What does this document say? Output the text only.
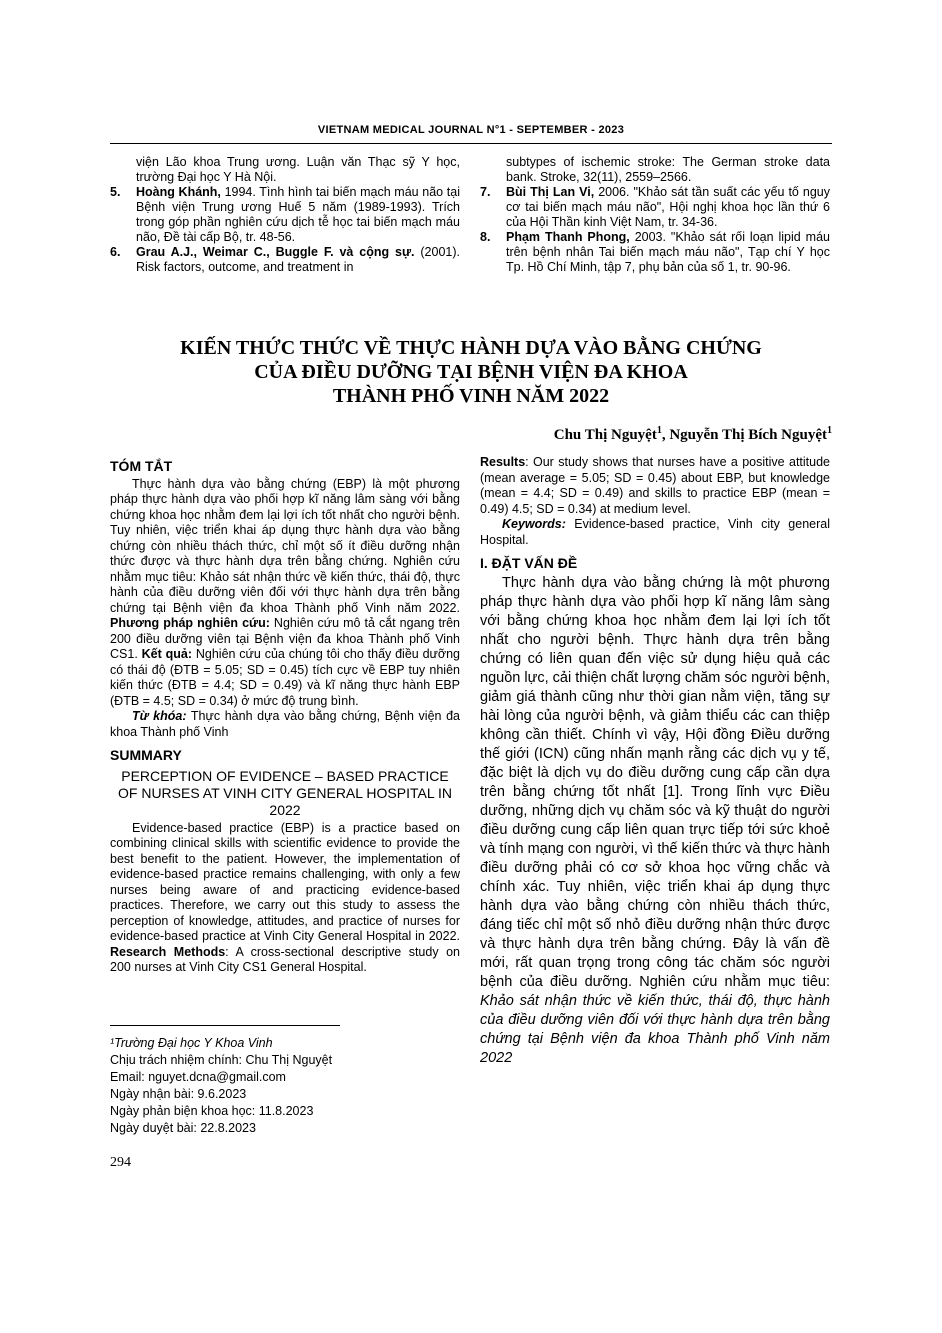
VIETNAM MEDICAL JOURNAL N°1 - SEPTEMBER - 2023
viện Lão khoa Trung ương. Luận văn Thạc sỹ Y học, trường Đại học Y Hà Nội.
5.	Hoàng Khánh, 1994. Tình hình tai biến mạch máu não tại Bệnh viện Trung ương Huế 5 năm (1989-1993). Trích trong góp phần nghiên cứu dịch tễ học tai biến mạch máu não, Đề tài cấp Bộ, tr. 48-56.
6.	Grau A.J., Weimar C., Buggle F. và cộng sự. (2001). Risk factors, outcome, and treatment in
subtypes of ischemic stroke: The German stroke data bank. Stroke, 32(11), 2559–2566.
7.	Bùi Thị Lan Vi, 2006. "Khảo sát tần suất các yếu tố nguy cơ tai biến mạch máu não", Hội nghị khoa học lần thứ 6 của Hội Thần kinh Việt Nam, tr. 34-36.
8.	Phạm Thanh Phong, 2003. "Khảo sát rối loạn lipid máu trên bệnh nhân Tai biến mạch máu não", Tạp chí Y học Tp. Hồ Chí Minh, tập 7, phụ bản của số 1, tr. 90-96.
KIẾN THỨC THỨC VỀ THỰC HÀNH DỰA VÀO BẰNG CHỨNG
CỦA ĐIỀU DƯỠNG TẠI BỆNH VIỆN ĐA KHOA
THÀNH PHỐ VINH NĂM 2022
Chu Thị Nguyệt$^1$, Nguyễn Thị Bích Nguyệt$^1$
TÓM TẮT

Thực hành dựa vào bằng chứng (EBP) là một phương pháp thực hành dựa vào phối hợp kĩ năng lâm sàng với bằng chứng khoa học nhằm đem lại lợi ích tốt nhất cho người bệnh. Tuy nhiên, việc triển khai áp dụng thực hành dựa vào bằng chứng còn nhiều thách thức, chỉ một số ít điều dưỡng nhận thức được và thực hành dựa trên bằng chứng. Nghiên cứu nhằm mục tiêu: Khảo sát nhận thức về kiến thức, thái độ, thực hành của điều dưỡng viên đối với thực hành dựa trên bằng chứng tại Bệnh viện đa khoa Thành phố Vinh năm 2022. Phương pháp nghiên cứu: Nghiên cứu mô tả cắt ngang trên 200 điều dưỡng viên tại Bệnh viện đa khoa Thành phố Vinh CS1. Kết quả: Nghiên cứu của chúng tôi cho thấy điều dưỡng có thái độ (ĐTB = 5.05; SD = 0.45) tích cực về EBP tuy nhiên kiến thức (ĐTB = 4.4; SD = 0.49) và kĩ năng thực hành EBP (ĐTB = 4.5; SD = 0.34) ở mức độ trung bình.

Từ khóa: Thực hành dựa vào bằng chứng, Bệnh viện đa khoa Thành phố Vinh

SUMMARY
PERCEPTION OF EVIDENCE – BASED PRACTICE OF NURSES AT VINH CITY GENERAL HOSPITAL IN 2022

Evidence-based practice (EBP) is a practice based on combining clinical skills with scientific evidence to provide the best benefit to the patient. However, the implementation of evidence-based practice remains challenging, with only a few nurses being aware of and practicing evidence-based practices. Therefore, we carry out this study to assess the perception of knowledge, attitudes, and practice of nurses for evidence-based practice at Vinh City General Hospital in 2022. Research Methods: A cross-sectional descriptive study on 200 nurses at Vinh City CS1 General Hospital.

Results: Our study shows that nurses have a positive attitude (mean average = 5.05; SD = 0.45) about EBP, but knowledge (mean = 4.4; SD = 0.49) and skills to practice EBP (mean = 0.49) 4.5; SD = 0.34) at medium level.

Keywords: Evidence-based practice, Vinh city general Hospital.

I. ĐẶT VẤN ĐỀ

Thực hành dựa vào bằng chứng là một phương pháp thực hành dựa vào phối hợp kĩ năng lâm sàng với bằng chứng khoa học nhằm đem lại lợi ích tốt nhất cho người bệnh. Thực hành dựa trên bằng chứng có liên quan đến việc sử dụng hiệu quả các nguồn lực, cải thiện chất lượng chăm sóc người bệnh, giảm giá thành cũng như thời gian nằm viện, tăng sự hài lòng của người bệnh, và giảm thiểu các can thiệp không cần thiết. Chính vì vậy, Hội đồng Điều dưỡng thế giới (ICN) cũng nhấn mạnh rằng các dịch vụ y tế, đặc biệt là dịch vụ do điều dưỡng cung cấp cần dựa trên bằng chứng tốt nhất [1]. Trong lĩnh vực Điều dưỡng, những dịch vụ chăm sóc và kỹ thuật do người điều dưỡng cung cấp liên quan trực tiếp tới sức khoẻ và tính mạng con người, vì thế kiến thức và thực hành điều dưỡng phải có cơ sở khoa học vững chắc và chính xác. Tuy nhiên, việc triển khai áp dụng thực hành dựa vào bằng chứng còn nhiều thách thức, đáng tiếc chỉ một số nhỏ điều dưỡng nhận thức được và thực hành dựa trên bằng chứng. Đây là vấn đề mới, rất quan trọng trong công tác chăm sóc người bệnh của điều dưỡng. Nghiên cứu nhằm mục tiêu: Khảo sát nhận thức về kiến thức, thái độ, thực hành của điều dưỡng viên đối với thực hành dựa trên bằng chứng tại Bệnh viện đa khoa Thành phố Vinh năm 2022

¹Trường Đại học Y Khoa Vinh
Chịu trách nhiệm chính: Chu Thị Nguyệt
Email: nguyet.dcna@gmail.com
Ngày nhận bài: 9.6.2023
Ngày phản biện khoa học: 11.8.2023
Ngày duyệt bài: 22.8.2023
294
